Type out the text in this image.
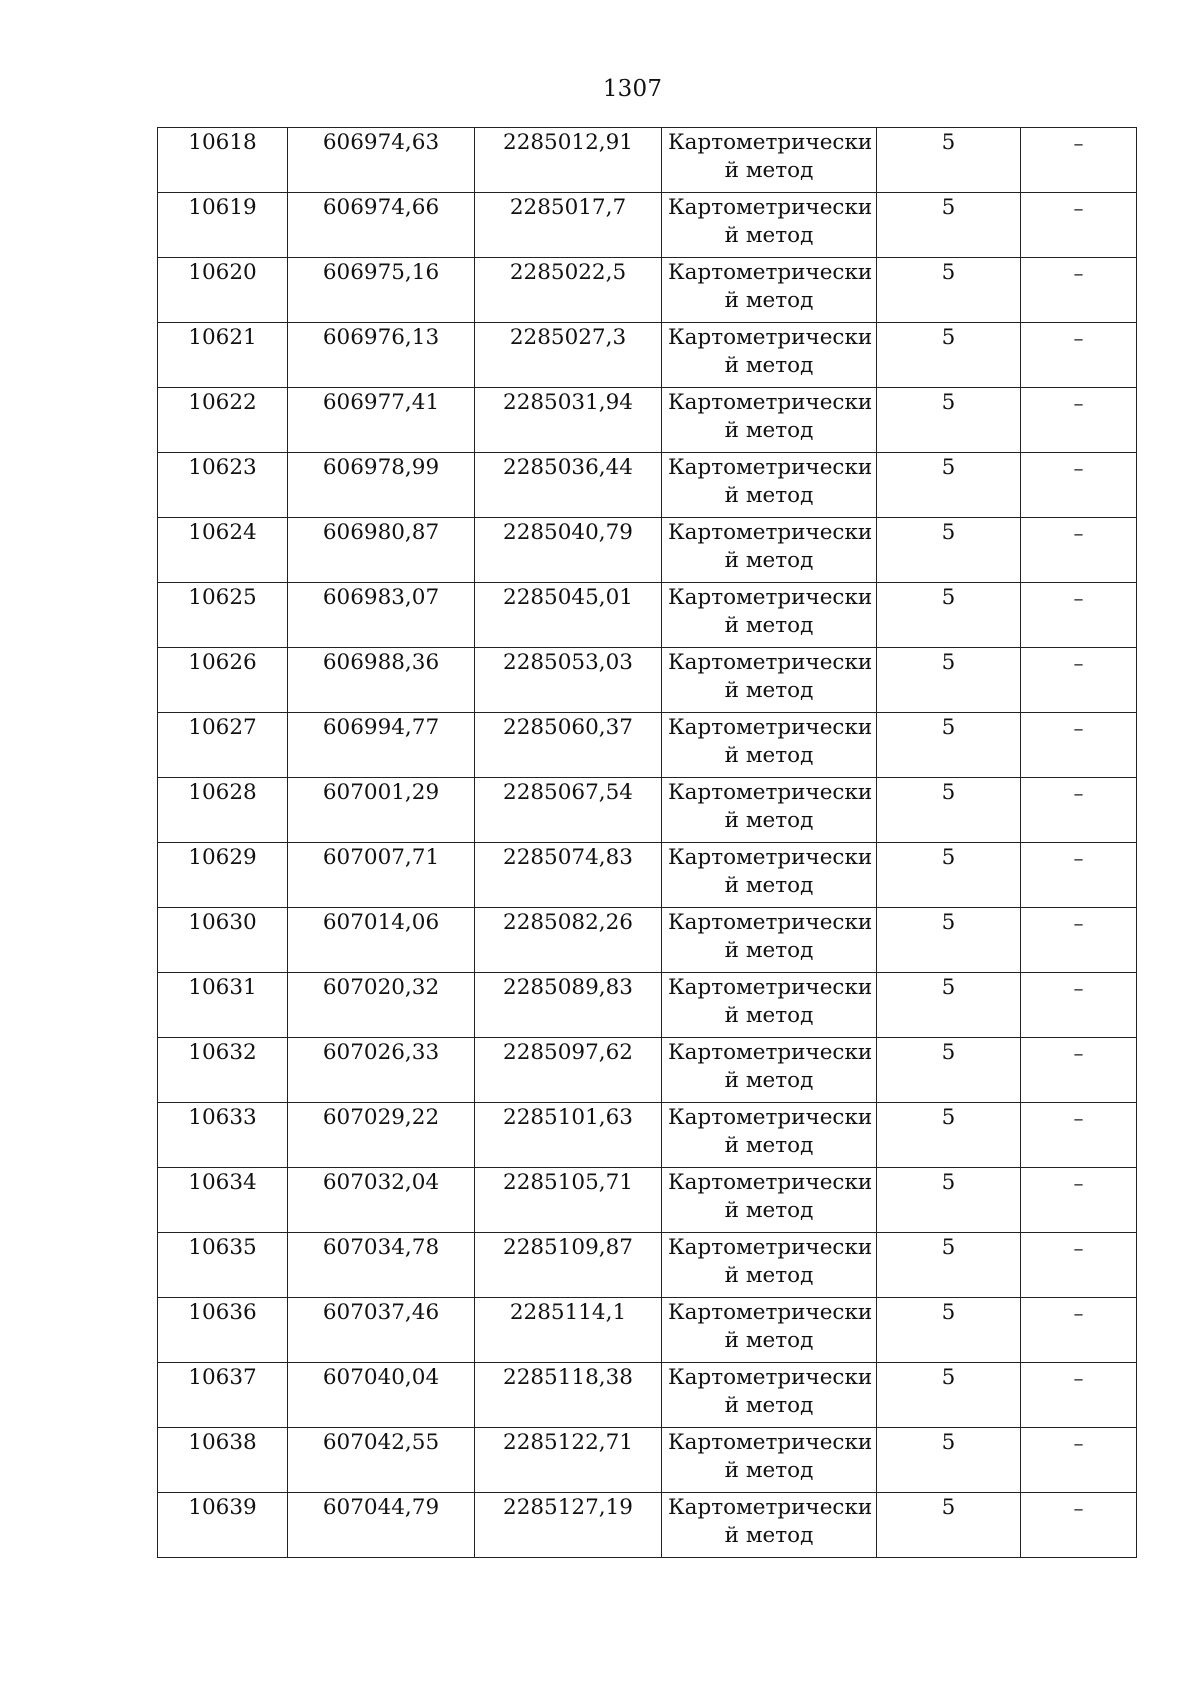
1307
10618	606974,63	2285012,91	Картометрически
й метод	5	–

10619	606974,66	2285017,7	Картометрически
й метод	5	–

10620	606975,16	2285022,5	Картометрически
й метод	5	–

10621	606976,13	2285027,3	Картометрически
й метод	5	–

10622	606977,41	2285031,94	Картометрически
й метод	5	–

10623	606978,99	2285036,44	Картометрически
й метод	5	–

10624	606980,87	2285040,79	Картометрически
й метод	5	–

10625	606983,07	2285045,01	Картометрически
й метод	5	–

10626	606988,36	2285053,03	Картометрически
й метод	5	–

10627	606994,77	2285060,37	Картометрически
й метод	5	–

10628	607001,29	2285067,54	Картометрически
й метод	5	–

10629	607007,71	2285074,83	Картометрически
й метод	5	–

10630	607014,06	2285082,26	Картометрически
й метод	5	–

10631	607020,32	2285089,83	Картометрически
й метод	5	–

10632	607026,33	2285097,62	Картометрически
й метод	5	–

10633	607029,22	2285101,63	Картометрически
й метод	5	–

10634	607032,04	2285105,71	Картометрически
й метод	5	–

10635	607034,78	2285109,87	Картометрически
й метод	5	–

10636	607037,46	2285114,1	Картометрически
й метод	5	–

10637	607040,04	2285118,38	Картометрически
й метод	5	–

10638	607042,55	2285122,71	Картометрически
й метод	5	–

10639	607044,79	2285127,19	Картометрически
й метод	5	–
